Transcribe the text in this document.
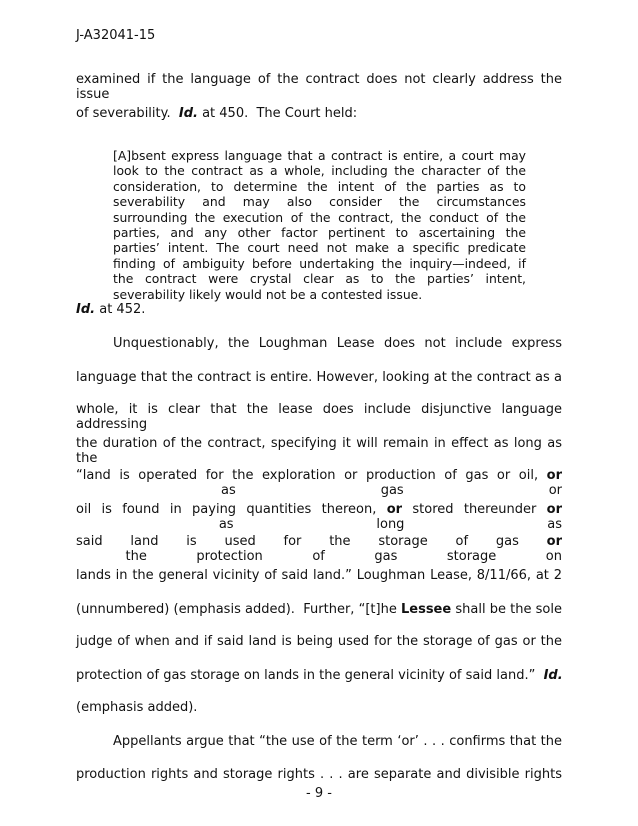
J-A32041-15
examined if the language of the contract does not clearly address the issue
of severability.  Id. at 450.  The Court held:
[A]bsent express language that a contract is entire, a court may
look to the contract as a whole, including the character of the
consideration, to determine the intent of the parties as to
severability and may also consider the circumstances
surrounding the execution of the contract, the conduct of the
parties, and any other factor pertinent to ascertaining the
parties’ intent. The court need not make a specific predicate
finding of ambiguity before undertaking the inquiry—indeed, if
the contract were crystal clear as to the parties’ intent,
severability likely would not be a contested issue.
Id. at 452.
Unquestionably, the Loughman Lease does not include express
language that the contract is entire. However, looking at the contract as a
whole, it is clear that the lease does include disjunctive language addressing
the duration of the contract, specifying it will remain in effect as long as the
“land is operated for the exploration or production of gas or oil, or as gas or
oil is found in paying quantities thereon, or stored thereunder or as long as
said land is used for the storage of gas or the protection of gas storage on
lands in the general vicinity of said land.” Loughman Lease, 8/11/66, at 2
(unnumbered) (emphasis added).  Further, “[t]he Lessee shall be the sole
judge of when and if said land is being used for the storage of gas or the
protection of gas storage on lands in the general vicinity of said land.”  Id.
(emphasis added).
Appellants argue that “the use of the term ‘or’ . . . confirms that the
production rights and storage rights . . . are separate and divisible rights
- 9 -
